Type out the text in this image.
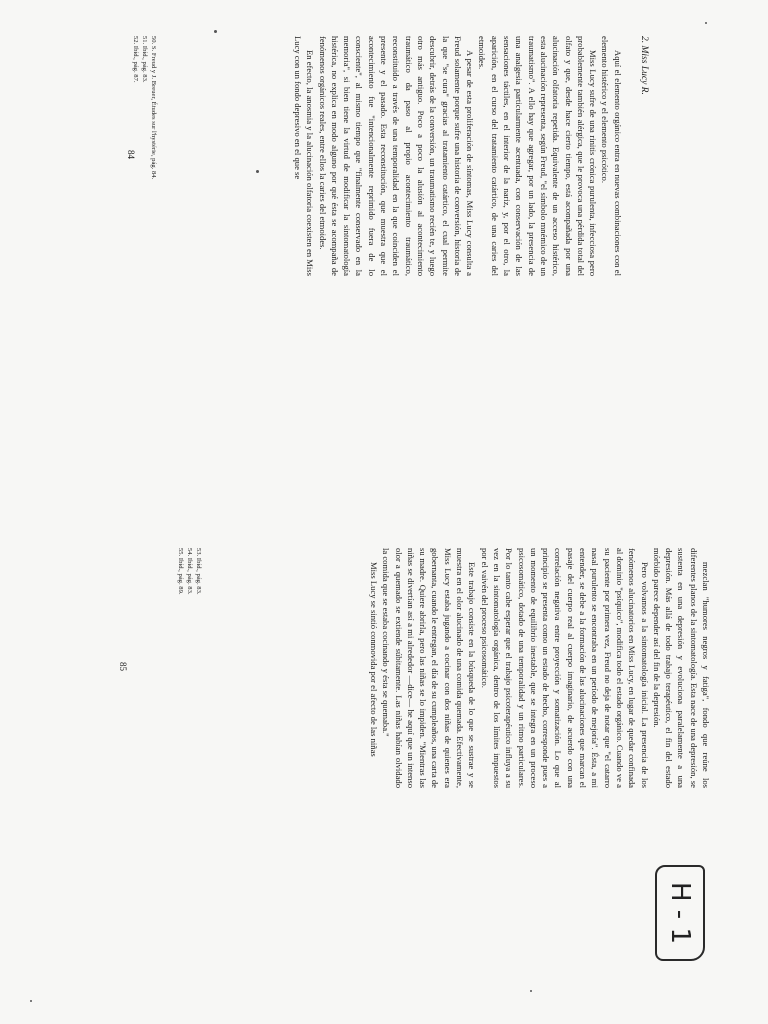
2. Miss Lucy R.

Aquí el elemento orgánico entra en nuevas combinaciones con el elemento histérico y el elemento psicótico.

Miss Lucy sufre de una rinitis crónica purulenta, infecciosa pero probablemente también alérgica, que le provoca una pérdida total del olfato y que, desde hace cierto tiempo, está acompañada por una alucinación olfatoria repetida. Equivalente de un acceso histérico, esta alucinación representa, según Freud, "el símbolo mnémico de un traumatismo". A ello hay que agregar, por un lado, la presencia de una analgesia particularmente acentuada, con conservación de las sensaciones táctiles, en el interior de la nariz, y, por el otro, la aparición, en el curso del tratamiento catártico, de una caries del etmoides.

A pesar de esta proliferación de síntomas, Miss Lucy consulta a Freud solamente porque sufre una historia de conversión, historia de la que "se cura" gracias al tratamiento catártico, el cual permite descubrir, detrás de la conversión, un traumatismo recién te, y luego otro más antiguo. Poco a poco la alusión al acontecimiento traumático da paso al propio acontecimiento traumático, reconstituido a través de una temporalidad en la que coinciden el presente y el pasado. Esta reconstitución, que muestra que el acontecimiento fue "intencionalmente reprimido fuera de lo consciente", al mismo tiempo que "finalmente conservado en la memoria", si bien tiene la virtud de modificar la sintomatología histérica, no explica en modo alguno por qué ésta se acompaña de fenómenos orgánicos reales, entre ellos la caries del etmoides.

En efecto, la anosmia y la alucinación olfatoria coexisten en Miss Lucy con un fondo depresivo en el que se

50. S. Freud y J. Breuer, Études sur l'hystérie, pág. 84.

51. Ibíd., pág. 83.

52. Ibíd., pág. 87.

84

mezclan "humores negros y fatiga", fondo que reúne los diferentes planos de la sintomatología. Esta nace de una depresión, se sustenta en una depresión y evoluciona paralelamente a una depresión. Más allá de todo trabajo terapéutico, el fin del estado mórbido parece depender así del fin de la depresión.

Pero volvamos a la sintomatología inicial. La presencia de los fenómenos alucinatorios en Miss Lucy, en lugar de quedar confinada al dominio "psíquico", modifica todo el estado orgánico. Cuando ve a su paciente por primera vez, Freud no deja de notar que "el catarro nasal purulento se encontraba en un período de mejoría". Ésta, a mi entender, se debe a la formación de las alucinaciones que marcan el pasaje del cuerpo real al cuerpo imaginario, de acuerdo con una correlación negativa entre proyección y somatización. Lo que al principio se presenta como un estado de hecho, corresponde pues a un momento de equilibrio inestable, que se integra en un proceso psicosomático, dotado de una temporalidad y un ritmo particulares. Por lo tanto cabe esperar que el trabajo psicoterapéutico influya a su vez en la sintomatología orgánica, dentro de los límites impuestos por el vaivén del proceso psicosomático.

Este trabajo consiste en la búsqueda de lo que se sustrae y se muestra en el olor alucinado de una comida quemada. Efectivamente, Miss Lucy estaba jugando a cocinar con dos niñas de quienes era gobernanta, cuando le entregan, el día de su cumpleaños, una carta de su madre. Quiere abrirla, pero las niñas se lo impiden. "Mientras las niñas se divertían así a mi alrededor —dice— he aquí que un intenso olor a quemado se extiende súbitamente. Las niñas habían olvidado la comida que se estaba cocinando y ésta se quemaba."

Miss Lucy se sintió conmovida por el afecto de las niñas

53. Ibíd., pág. 83.

54. Ibíd., pág. 83.

55. Ibíd., pág. 89.

85
H - 1
